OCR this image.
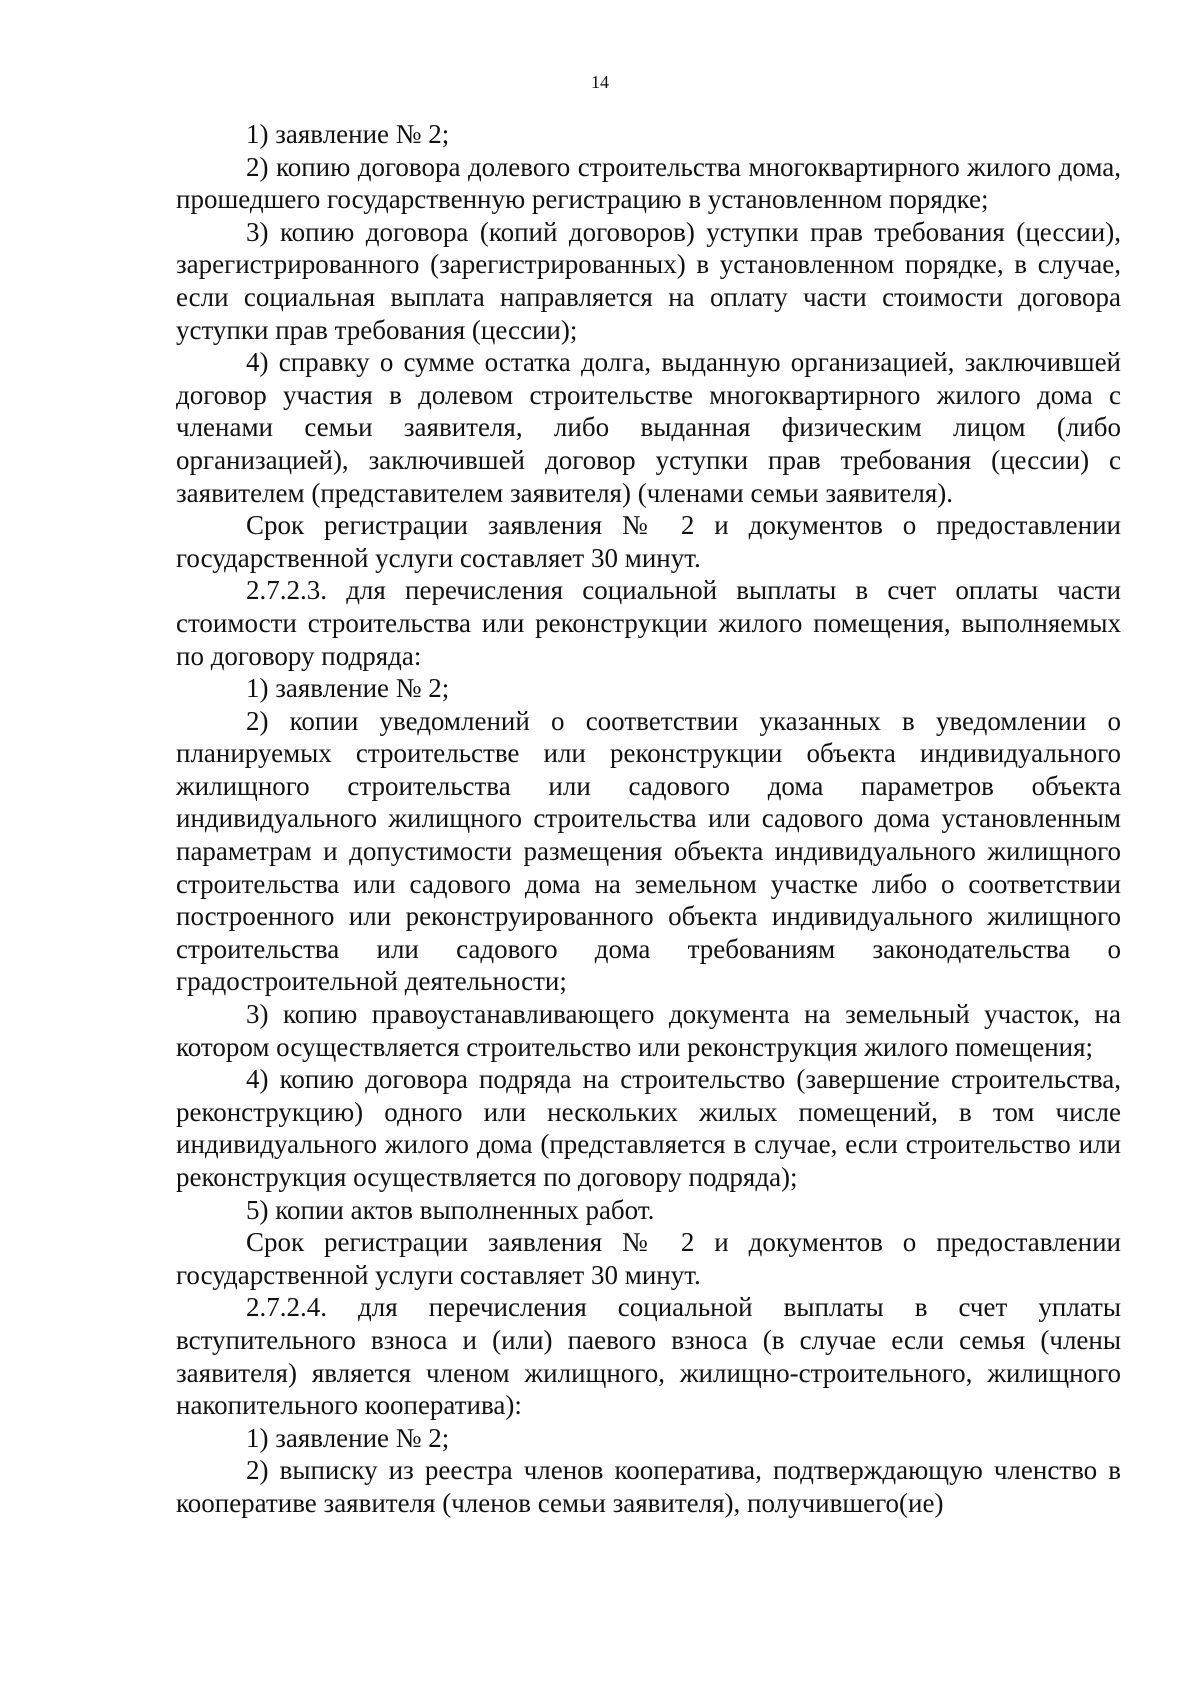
14

1) заявление № 2;

2) копию договора долевого строительства многоквартирного жилого дома, прошедшего государственную регистрацию в установленном порядке;

3) копию договора (копий договоров) уступки прав требования (цессии), зарегистрированного (зарегистрированных) в установленном порядке, в случае, если социальная выплата направляется на оплату части стоимости договора уступки прав требования (цессии);

4) справку о сумме остатка долга, выданную организацией, заключившей договор участия в долевом строительстве многоквартирного жилого дома с членами семьи заявителя, либо выданная физическим лицом (либо организацией), заключившей договор уступки прав требования (цессии) с заявителем (представителем заявителя) (членами семьи заявителя).

Срок регистрации заявления № 2 и документов о предоставлении государственной услуги составляет 30 минут.

2.7.2.3. для перечисления социальной выплаты в счет оплаты части стоимости строительства или реконструкции жилого помещения, выполняемых по договору подряда:

1) заявление № 2;

2) копии уведомлений о соответствии указанных в уведомлении о планируемых строительстве или реконструкции объекта индивидуального жилищного строительства или садового дома параметров объекта индивидуального жилищного строительства или садового дома установленным параметрам и допустимости размещения объекта индивидуального жилищного строительства или садового дома на земельном участке либо о соответствии построенного или реконструированного объекта индивидуального жилищного строительства или садового дома требованиям законодательства о градостроительной деятельности;

3) копию правоустанавливающего документа на земельный участок, на котором осуществляется строительство или реконструкция жилого помещения;

4) копию договора подряда на строительство (завершение строительства, реконструкцию) одного или нескольких жилых помещений, в том числе индивидуального жилого дома (представляется в случае, если строительство или реконструкция осуществляется по договору подряда);

5) копии актов выполненных работ.

Срок регистрации заявления № 2 и документов о предоставлении государственной услуги составляет 30 минут.

2.7.2.4. для перечисления социальной выплаты в счет уплаты вступительного взноса и (или) паевого взноса (в случае если семья (члены заявителя) является членом жилищного, жилищно-строительного, жилищного накопительного кооператива):

1) заявление № 2;

2) выписку из реестра членов кооператива, подтверждающую членство в кооперативе заявителя (членов семьи заявителя), получившего(ие)
